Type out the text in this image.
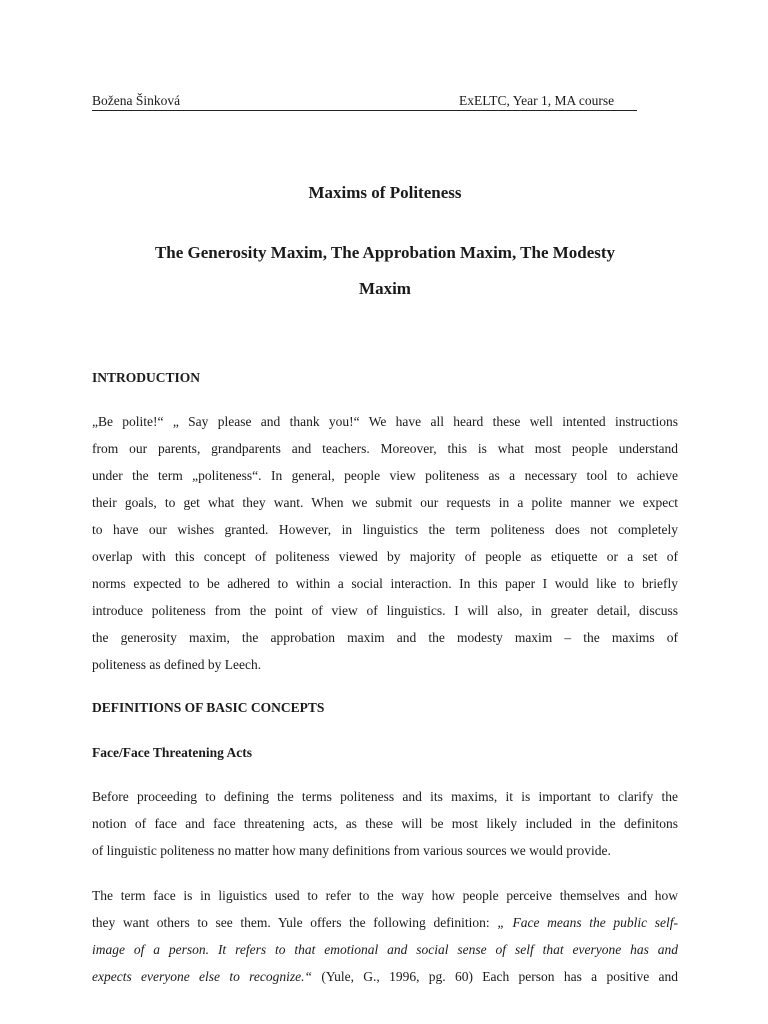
Božena Šinková	ExELTC, Year 1, MA course
Maxims of Politeness
The Generosity Maxim, The Approbation Maxim, The Modesty
Maxim
INTRODUCTION
„Be polite!“ „ Say please and thank you!“ We have all heard these well intented instructions
from our parents, grandparents and teachers. Moreover, this is what most people understand
under the term „politeness“. In general, people view politeness as a necessary tool to achieve
their goals, to get what they want. When we submit our requests in a polite manner we expect
to have our wishes granted. However, in linguistics the term politeness does not completely
overlap with this concept of politeness viewed by majority of people as etiquette or a set of
norms expected to be adhered to within a social interaction. In this paper I would like to briefly
introduce politeness from the point of view of linguistics. I will also, in greater detail, discuss
the generosity maxim, the approbation maxim and the modesty maxim – the maxims of
politeness as defined by Leech.
DEFINITIONS OF BASIC CONCEPTS
Face/Face Threatening Acts
Before proceeding to defining the terms politeness and its maxims, it is important to clarify the
notion of face and face threatening acts, as these will be most likely included in the definitons
of linguistic politeness no matter how many definitions from various sources we would provide.
The term face is in liguistics used to refer to the way how people perceive themselves and how
they want others to see them. Yule offers the following definition: „ Face means the public self-
image of a person. It refers to that emotional and social sense of self that everyone has and
expects everyone else to recognize.“ (Yule, G., 1996, pg. 60) Each person has a positive and
